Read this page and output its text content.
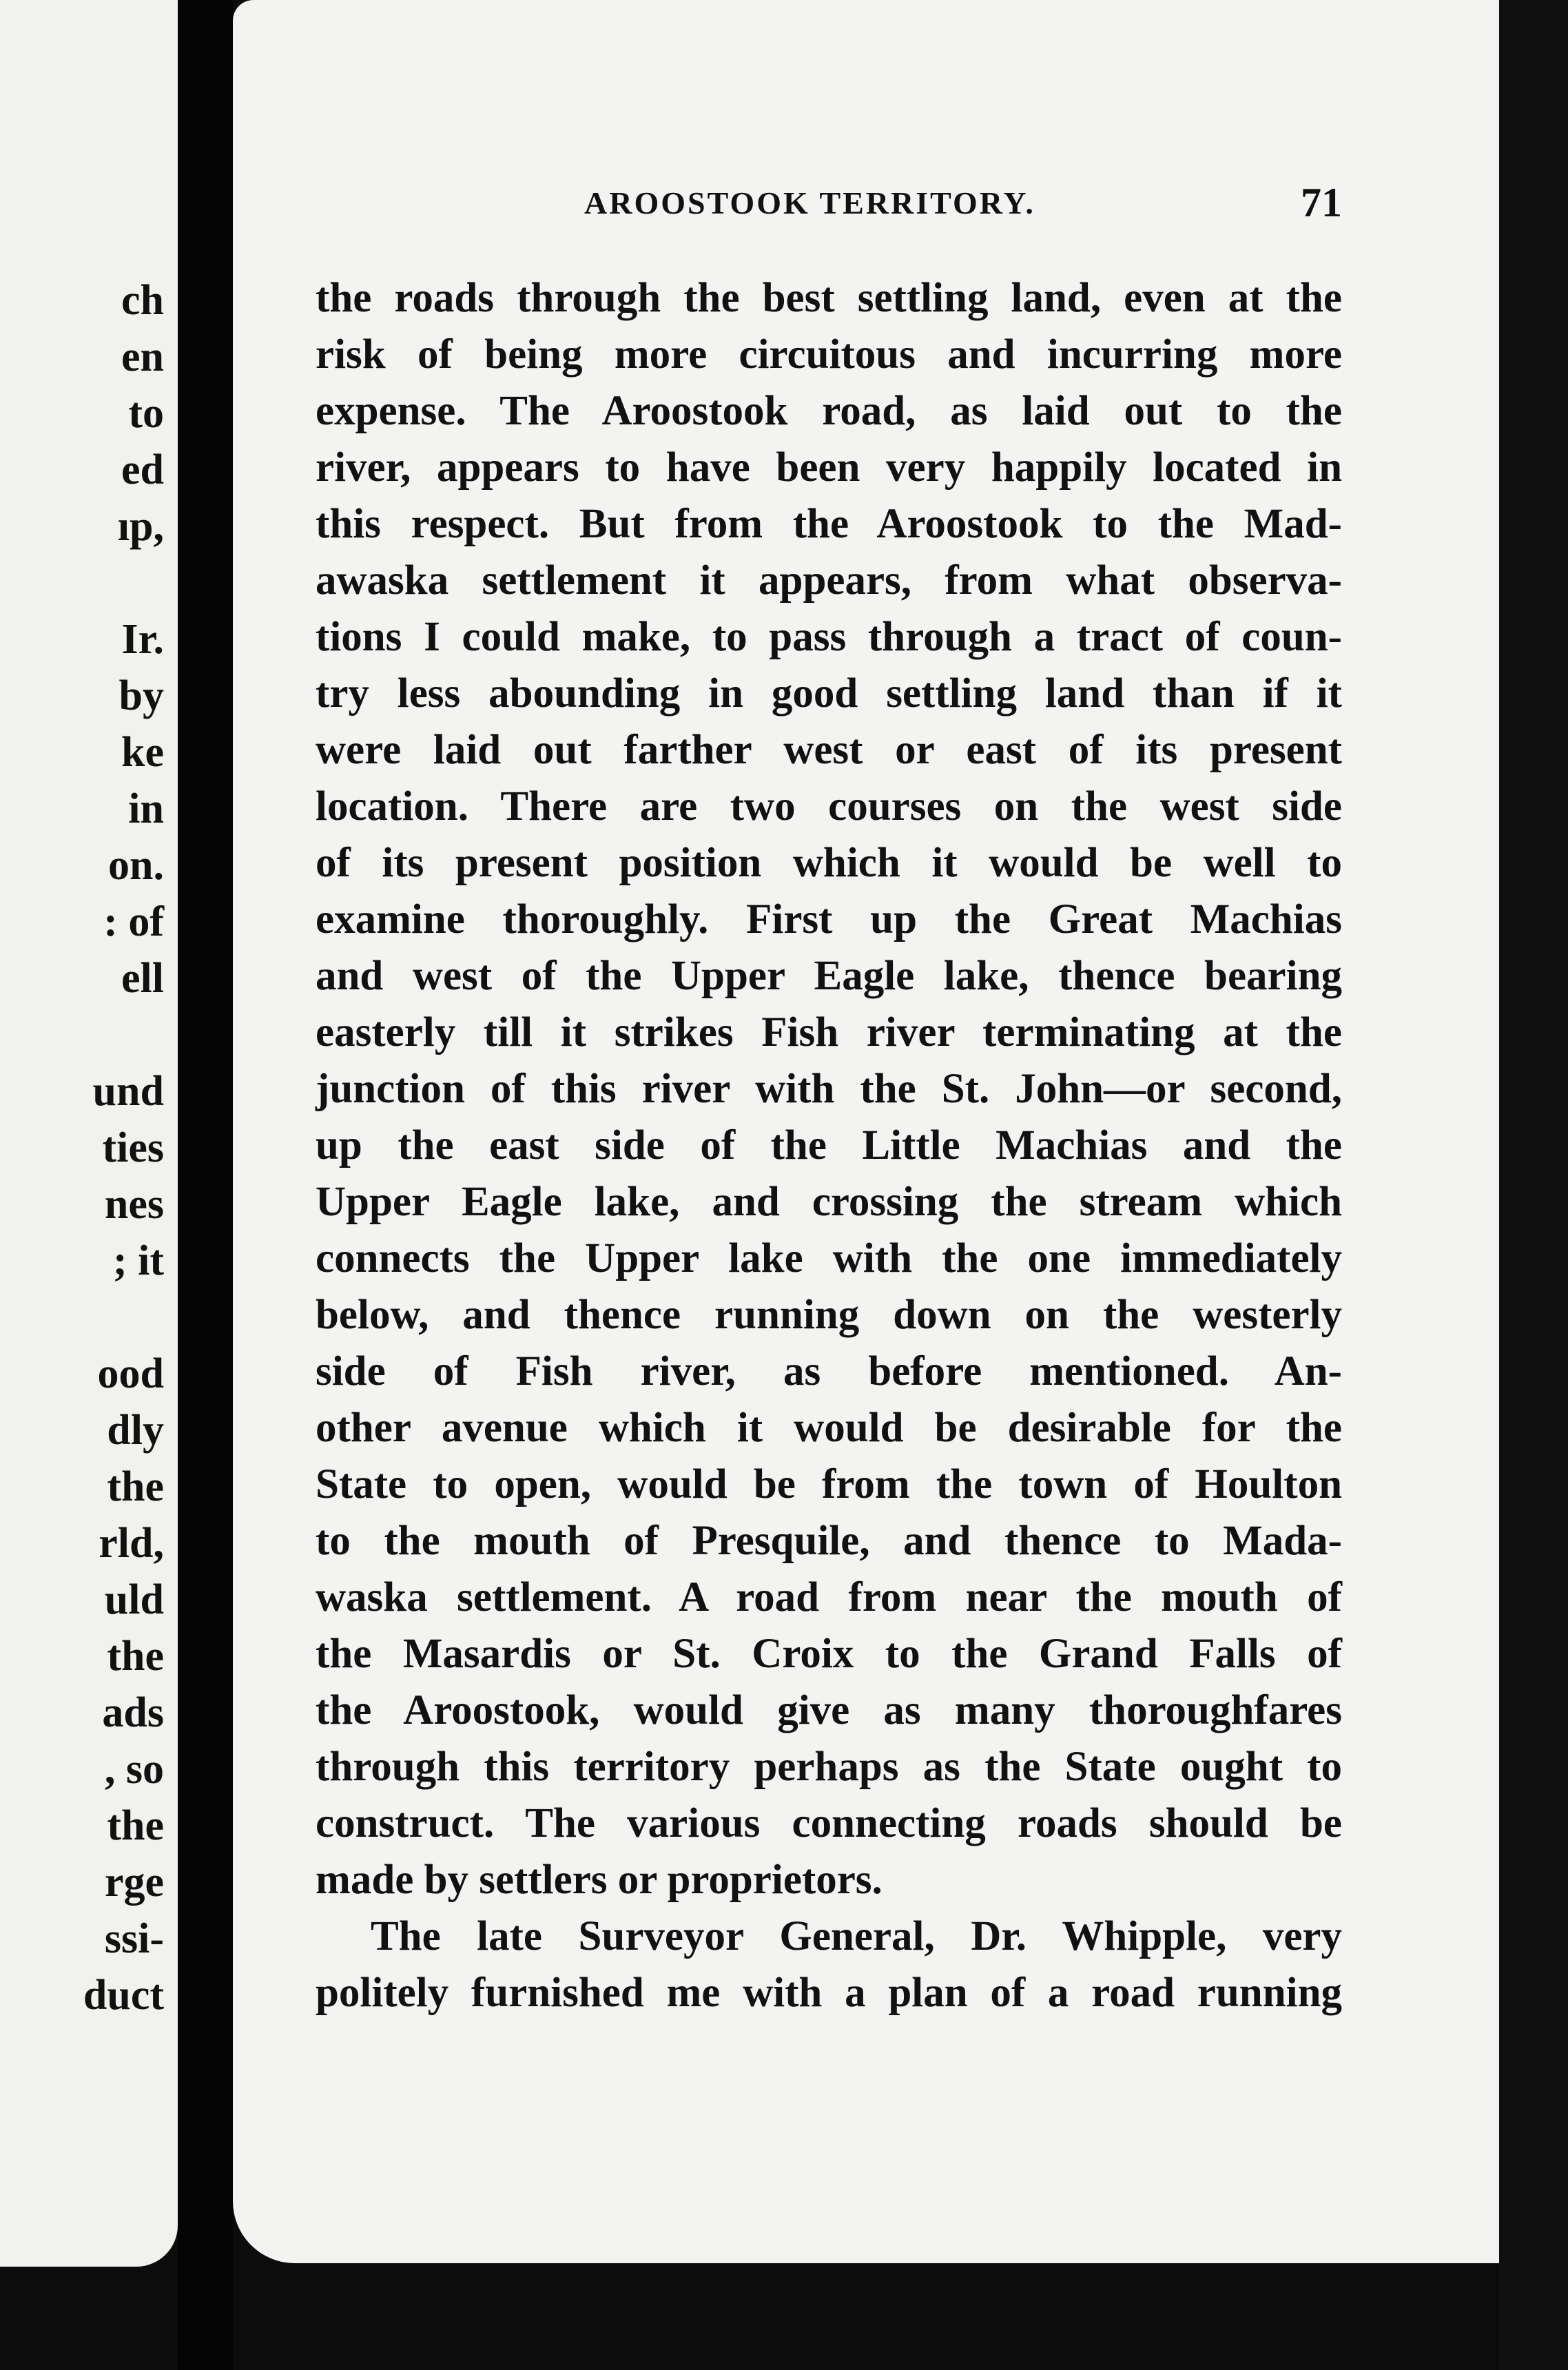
ch
en
to
ed
ıp,
Ir.
by
ke
in
on.
: of
ell
und
ties
nes
; it
ood
dly
the
rld,
uld
the
ads
, so
the
rge
ssi-
duct
AROOSTOOK TERRITORY.	71
the roads through the best settling land, even at the
risk of being more circuitous and incurring more
expense. The Aroostook road, as laid out to the
river, appears to have been very happily located in
this respect. But from the Aroostook to the Mad-
awaska settlement it appears, from what observa-
tions I could make, to pass through a tract of coun-
try less abounding in good settling land than if it
were laid out farther west or east of its present
location. There are two courses on the west side
of its present position which it would be well to
examine thoroughly. First up the Great Machias
and west of the Upper Eagle lake, thence bearing
easterly till it strikes Fish river terminating at the
junction of this river with the St. John—or second,
up the east side of the Little Machias and the
Upper Eagle lake, and crossing the stream which
connects the Upper lake with the one immediately
below, and thence running down on the westerly
side of Fish river, as before mentioned. An-
other avenue which it would be desirable for the
State to open, would be from the town of Houlton
to the mouth of Presquile, and thence to Mada-
waska settlement. A road from near the mouth of
the Masardis or St. Croix to the Grand Falls of
the Aroostook, would give as many thoroughfares
through this territory perhaps as the State ought to
construct. The various connecting roads should be
made by settlers or proprietors.
The late Surveyor General, Dr. Whipple, very
politely furnished me with a plan of a road running
